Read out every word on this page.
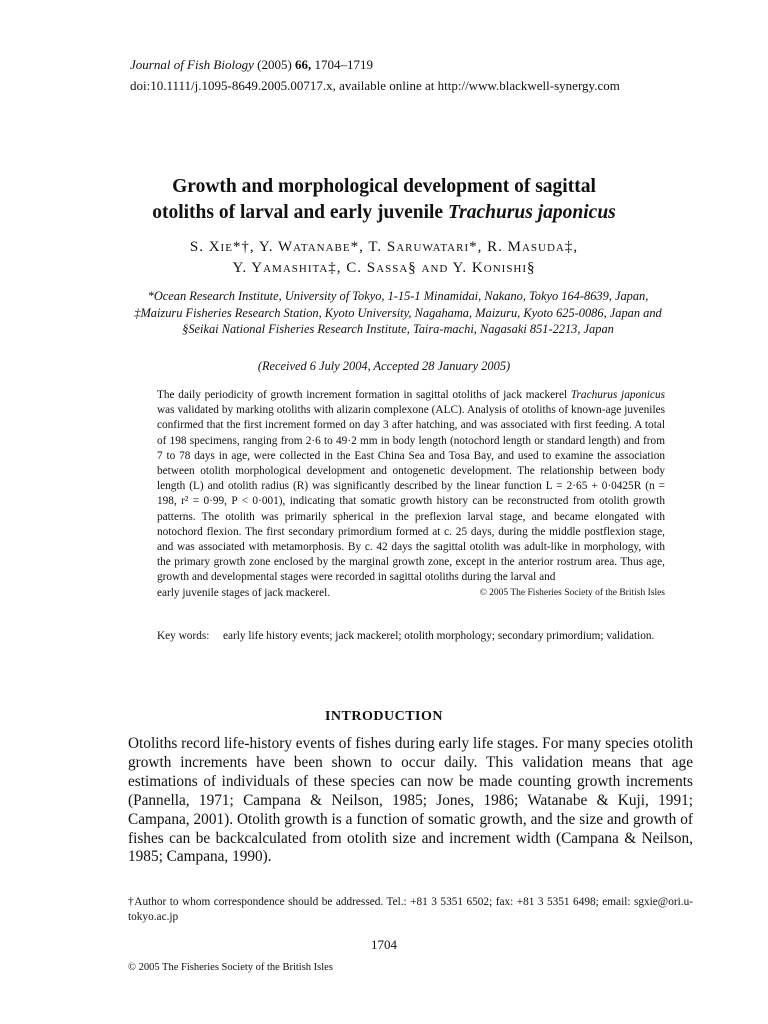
Journal of Fish Biology (2005) 66, 1704–1719
doi:10.1111/j.1095-8649.2005.00717.x, available online at http://www.blackwell-synergy.com
Growth and morphological development of sagittal
otoliths of larval and early juvenile Trachurus japonicus
S. Xie*†, Y. Watanabe*, T. Saruwatari*, R. Masuda‡,
Y. Yamashita‡, C. Sassa§ and Y. Konishi§
*Ocean Research Institute, University of Tokyo, 1-15-1 Minamidai, Nakano, Tokyo 164-8639, Japan, ‡Maizuru Fisheries Research Station, Kyoto University, Nagahama, Maizuru, Kyoto 625-0086, Japan and §Seikai National Fisheries Research Institute, Taira-machi, Nagasaki 851-2213, Japan
(Received 6 July 2004, Accepted 28 January 2005)

The daily periodicity of growth increment formation in sagittal otoliths of jack mackerel Trachurus japonicus was validated by marking otoliths with alizarin complexone (ALC). Analysis of otoliths of known-age juveniles confirmed that the first increment formed on day 3 after hatching, and was associated with first feeding. A total of 198 specimens, ranging from 2·6 to 49·2 mm in body length (notochord length or standard length) and from 7 to 78 days in age, were collected in the East China Sea and Tosa Bay, and used to examine the association between otolith morphological development and ontogenetic development. The relationship between body length (L) and otolith radius (R) was significantly described by the linear function L = 2·65 + 0·0425R (n = 198, r² = 0·99, P < 0·001), indicating that somatic growth history can be reconstructed from otolith growth patterns. The otolith was primarily spherical in the preflexion larval stage, and became elongated with notochord flexion. The first secondary primordium formed at c. 25 days, during the middle postflexion stage, and was associated with metamorphosis. By c. 42 days the sagittal otolith was adult-like in morphology, with the primary growth zone enclosed by the marginal growth zone, except in the anterior rostrum area. Thus age, growth and developmental stages were recorded in sagittal otoliths during the larval and

early juvenile stages of jack mackerel.	© 2005 The Fisheries Society of the British Isles
Key words:	early life history events; jack mackerel; otolith morphology; secondary primordium; validation.
INTRODUCTION

Otoliths record life-history events of fishes during early life stages. For many species otolith growth increments have been shown to occur daily. This validation means that age estimations of individuals of these species can now be made counting growth increments (Pannella, 1971; Campana & Neilson, 1985; Jones, 1986; Watanabe & Kuji, 1991; Campana, 2001). Otolith growth is a function of somatic growth, and the size and growth of fishes can be backcalculated from otolith size and increment width (Campana & Neilson, 1985; Campana, 1990).

†Author to whom correspondence should be addressed. Tel.: +81 3 5351 6502; fax: +81 3 5351 6498; email: sgxie@ori.u-tokyo.ac.jp
1704
© 2005 The Fisheries Society of the British Isles
